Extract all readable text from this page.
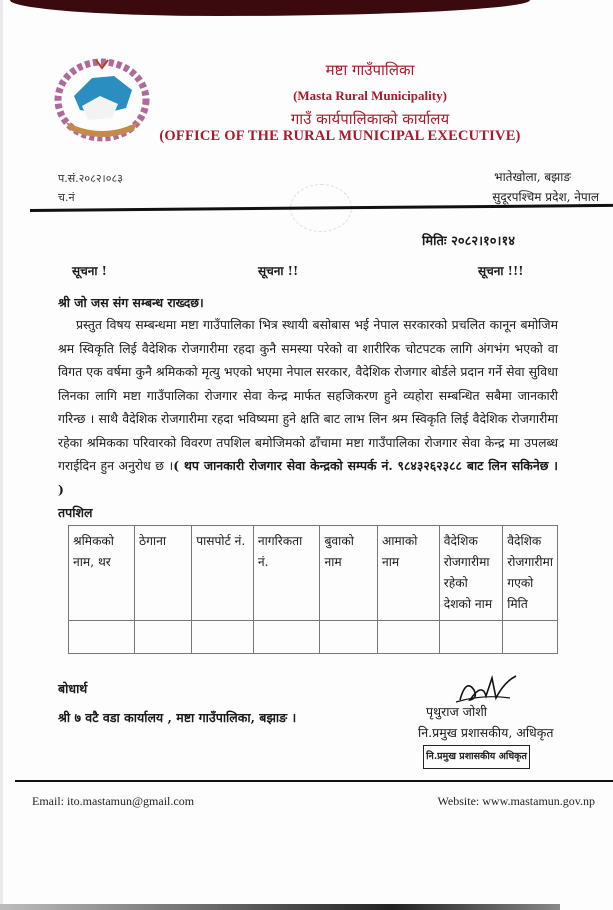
मष्टा गाउँपालिका
(Masta Rural Municipality)
गाउँ कार्यपालिकाको कार्यालय
(OFFICE OF THE RURAL MUNICIPAL EXECUTIVE)
प.सं.२०८२।०८३
च.नं
भातेखोला, बझाङ
सुदूरपश्चिम प्रदेश, नेपाल
मितिः २०८२।१०।१४
सूचना !	सूचना !!	सूचना !!!
श्री जो जस संग सम्बन्ध राख्दछ।

प्रस्तुत विषय सम्बन्धमा मष्टा गाउँपालिका भित्र स्थायी बसोबास भई नेपाल सरकारको प्रचलित कानून बमोजिम श्रम स्विकृति लिई वैदेशिक रोजगारीमा रहदा कुनै समस्या परेको वा शारीरिक चोटपटक लागि अंगभंग भएको वा विगत एक वर्षमा कुनै श्रमिकको मृत्यु भएको भएमा नेपाल सरकार, वैदेशिक रोजगार बोर्डले प्रदान गर्ने सेवा सुविधा लिनका लागि मष्टा गाउँपालिका रोजगार सेवा केन्द्र मार्फत सहजिकरण हुने व्यहोरा सम्बन्धित सबैमा जानकारी गरिन्छ । साथै वैदेशिक रोजगारीमा रहदा भविष्यमा हुने क्षति बाट लाभ लिन श्रम स्विकृति लिई वैदेशिक रोजगारीमा रहेका श्रमिकका परिवारको विवरण तपशिल बमोजिमको ढाँचामा मष्टा गाउँपालिका रोजगार सेवा केन्द्र मा उपलब्ध गराईदिन हुन अनुरोध छ ।( थप जानकारी रोजगार सेवा केन्द्रको सम्पर्क नं. ९८४३२६२३८८ बाट लिन सकिनेछ । )

तपशिल
श्रमिकको नाम, थर	ठेगाना	पासपोर्ट नं.	नागरिकता नं.	बुवाको नाम	आमाको नाम	वैदेशिक रोजगारीमा रहेको देशको नाम	वैदेशिक रोजगारीमा गएको मिति

बोधार्थ
श्री ७ वटै वडा कार्यालय , मष्टा गाउँपालिका, बझाङ ।	पृथुराज जोशी
नि.प्रमुख प्रशासकीय, अधिकृत
नि.प्रमुख प्रशासकीय अधिकृत
Email: ito.mastamun@gmail.com	Website: www.mastamun.gov.np
